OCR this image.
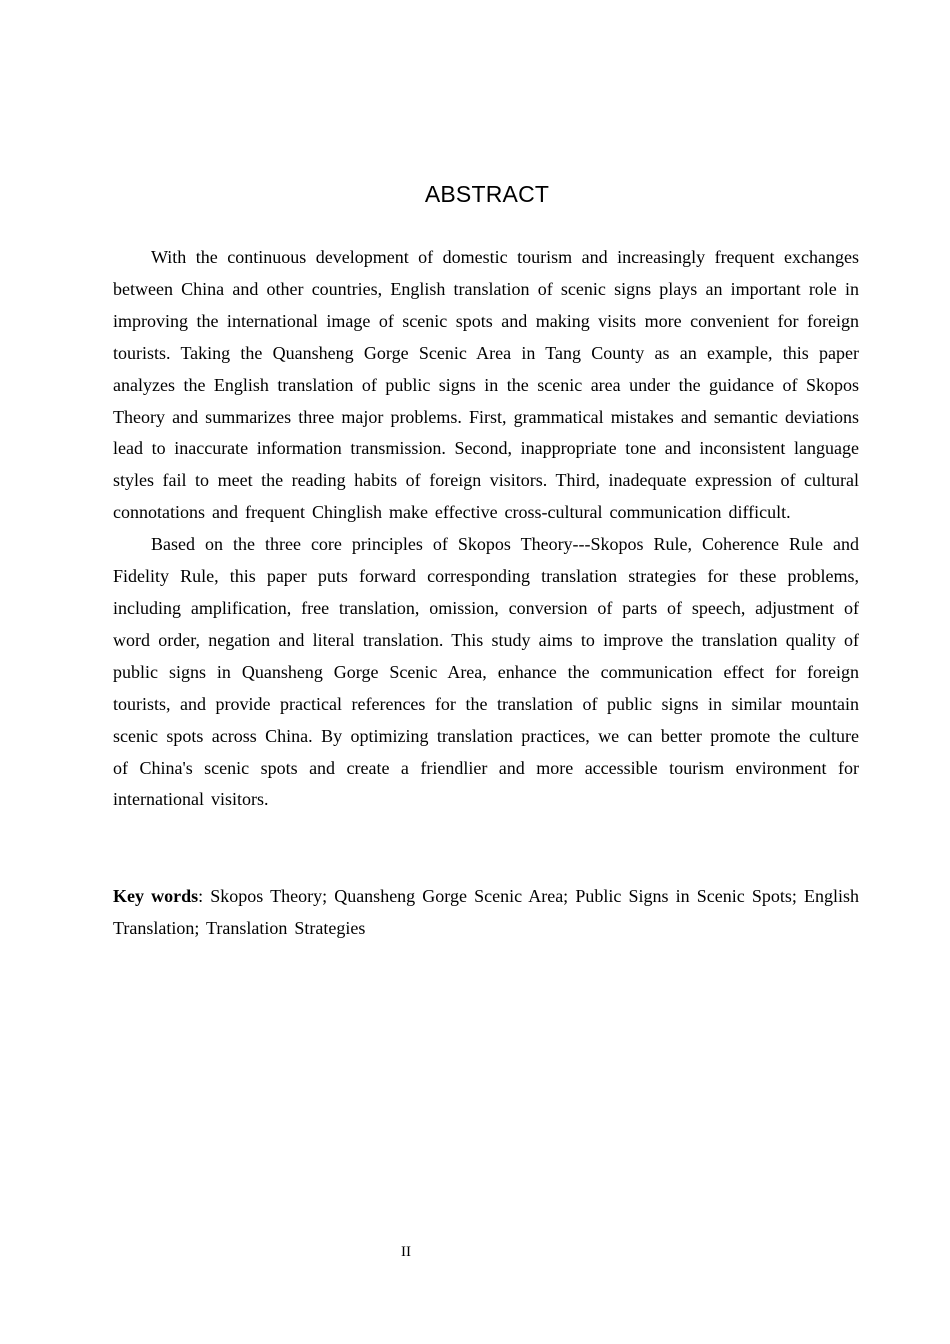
ABSTRACT

With the continuous development of domestic tourism and increasingly frequent exchanges between China and other countries, English translation of scenic signs plays an important role in improving the international image of scenic spots and making visits more convenient for foreign tourists. Taking the Quansheng Gorge Scenic Area in Tang County as an example, this paper analyzes the English translation of public signs in the scenic area under the guidance of Skopos Theory and summarizes three major problems. First, grammatical mistakes and semantic deviations lead to inaccurate information transmission. Second, inappropriate tone and inconsistent language styles fail to meet the reading habits of foreign visitors. Third, inadequate expression of cultural connotations and frequent Chinglish make effective cross-cultural communication difficult.

Based on the three core principles of Skopos Theory---Skopos Rule, Coherence Rule and Fidelity Rule, this paper puts forward corresponding translation strategies for these problems, including amplification, free translation, omission, conversion of parts of speech, adjustment of word order, negation and literal translation. This study aims to improve the translation quality of public signs in Quansheng Gorge Scenic Area, enhance the communication effect for foreign tourists, and provide practical references for the translation of public signs in similar mountain scenic spots across China. By optimizing translation practices, we can better promote the culture of China's scenic spots and create a friendlier and more accessible tourism environment for international visitors.

Key words: Skopos Theory; Quansheng Gorge Scenic Area; Public Signs in Scenic Spots; English Translation; Translation Strategies
II
